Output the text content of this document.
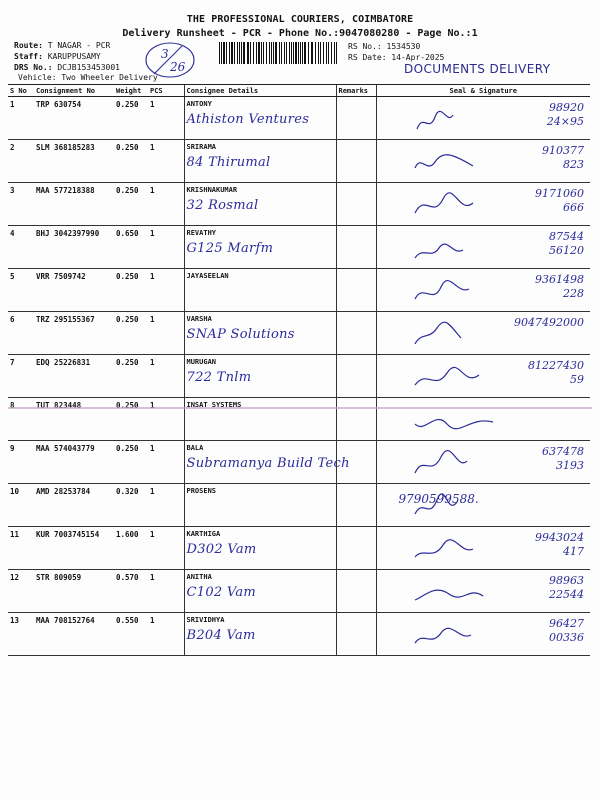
THE PROFESSIONAL COURIERS, COIMBATORE
Delivery Runsheet - PCR - Phone No.:9047080280 - Page No.:1
Route: T NAGAR - PCR
Staff: KARUPPUSAMY
DRS No.: DCJB153453001
Vehicle: Two Wheeler Delivery
RS No.: 1534530
RS Date: 14-Apr-2025
DOCUMENTS DELIVERY
3
26
S No	Consignment No	Weight	PCS	Consignee Details	Remarks	Seal & Signature
1	TRP 630754	0.250	1	ANTONY
Athiston Ventures		98920
24×95

2	SLM 368185283	0.250	1	SRIRAMA
84 Thirumal		910377
823

3	MAA 577218388	0.250	1	KRISHNAKUMAR
32 Rosmal		9171060
666

4	BHJ 3042397990	0.650	1	REVATHY
G125 Marfm		87544
56120

5	VRR 7509742	0.250	1	JAYASEELAN		9361498
228

6	TRZ 295155367	0.250	1	VARSHA
SNAP Solutions		9047492000

7	EDQ 25226831	0.250	1	MURUGAN
722 Tnlm		81227430
59

8	TUT 823448	0.250	1	INSAT SYSTEMS

9	MAA 574043779	0.250	1	BALA
Subramanya Build Tech		637478
3193

10	AMD 28253784	0.320	1	PROSENS		9790599588.

11	KUR 7003745154	1.600	1	KARTHIGA
D302 Vam		9943024
417

12	STR 809059	0.570	1	ANITHA
C102 Vam		98963
22544

13	MAA 708152764	0.550	1	SRIVIDHYA
B204 Vam		96427
00336
